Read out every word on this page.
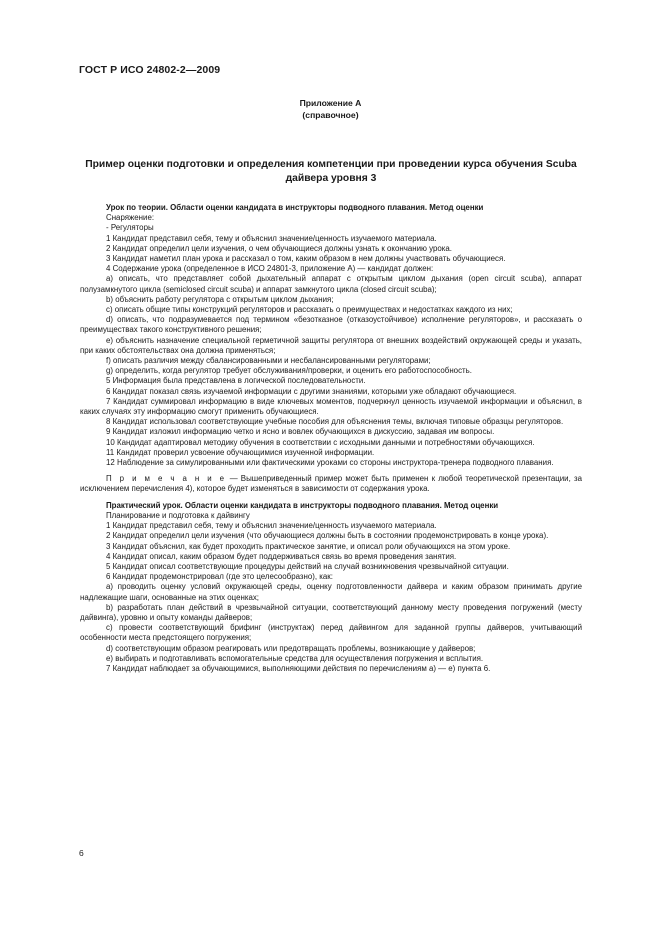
ГОСТ Р ИСО 24802-2—2009
Приложение А
(справочное)
Пример оценки подготовки и определения компетенции при проведении курса обучения Scuba дайвера уровня 3

Урок по теории. Области оценки кандидата в инструкторы подводного плавания. Метод оценки

Снаряжение:

- Регуляторы

1 Кандидат представил себя, тему и объяснил значение/ценность изучаемого материала.

2 Кандидат определил цели изучения, о чем обучающиеся должны узнать к окончанию урока.

3 Кандидат наметил план урока и рассказал о том, каким образом в нем должны участвовать обучающиеся.

4 Содержание урока (определенное в ИСО 24801-3, приложение А) — кандидат должен:

а) описать, что представляет собой дыхательный аппарат с открытым циклом дыхания (open circuit scuba), аппарат полузамкнутого цикла (semiclosed circuit scuba) и аппарат замкнутого цикла (closed circuit scuba);

b) объяснить работу регулятора с открытым циклом дыхания;

c) описать общие типы конструкций регуляторов и рассказать о преимуществах и недостатках каждого из них;

d) описать, что подразумевается под термином «безотказное (отказоустойчивое) исполнение регуляторов», и рассказать о преимуществах такого конструктивного решения;

e) объяснить назначение специальной герметичной защиты регулятора от внешних воздействий окружающей среды и указать, при каких обстоятельствах она должна применяться;

f) описать различия между сбалансированными и несбалансированными регуляторами;

g) определить, когда регулятор требует обслуживания/проверки, и оценить его работоспособность.

5 Информация была представлена в логической последовательности.

6 Кандидат показал связь изучаемой информации с другими знаниями, которыми уже обладают обучающиеся.

7 Кандидат суммировал информацию в виде ключевых моментов, подчеркнул ценность изучаемой информации и объяснил, в каких случаях эту информацию смогут применить обучающиеся.

8 Кандидат использовал соответствующие учебные пособия для объяснения темы, включая типовые образцы регуляторов.

9 Кандидат изложил информацию четко и ясно и вовлек обучающихся в дискуссию, задавая им вопросы.

10 Кандидат адаптировал методику обучения в соответствии с исходными данными и потребностями обучающихся.

11 Кандидат проверил усвоение обучающимися изученной информации.

12 Наблюдение за симулированными или фактическими уроками со стороны инструктора-тренера подводного плавания.

П р и м е ч а н и е — Вышеприведенный пример может быть применен к любой теоретической презентации, за исключением перечисления 4), которое будет изменяться в зависимости от содержания урока.

Практический урок. Области оценки кандидата в инструкторы подводного плавания. Метод оценки

Планирование и подготовка к дайвингу

1 Кандидат представил себя, тему и объяснил значение/ценность изучаемого материала.

2 Кандидат определил цели изучения (что обучающиеся должны быть в состоянии продемонстрировать в конце урока).

3 Кандидат объяснил, как будет проходить практическое занятие, и описал роли обучающихся на этом уроке.

4 Кандидат описал, каким образом будет поддерживаться связь во время проведения занятия.

5 Кандидат описал соответствующие процедуры действий на случай возникновения чрезвычайной ситуации.

6 Кандидат продемонстрировал (где это целесообразно), как:

а) проводить оценку условий окружающей среды, оценку подготовленности дайвера и каким образом принимать другие надлежащие шаги, основанные на этих оценках;

b) разработать план действий в чрезвычайной ситуации, соответствующий данному месту проведения погружений (месту дайвинга), уровню и опыту команды дайверов;

c) провести соответствующий брифинг (инструктаж) перед дайвингом для заданной группы дайверов, учитывающий особенности места предстоящего погружения;

d) соответствующим образом реагировать или предотвращать проблемы, возникающие у дайверов;

e) выбирать и подготавливать вспомогательные средства для осуществления погружения и всплытия.

7 Кандидат наблюдает за обучающимися, выполняющими действия по перечислениям а) — е) пункта 6.

6
